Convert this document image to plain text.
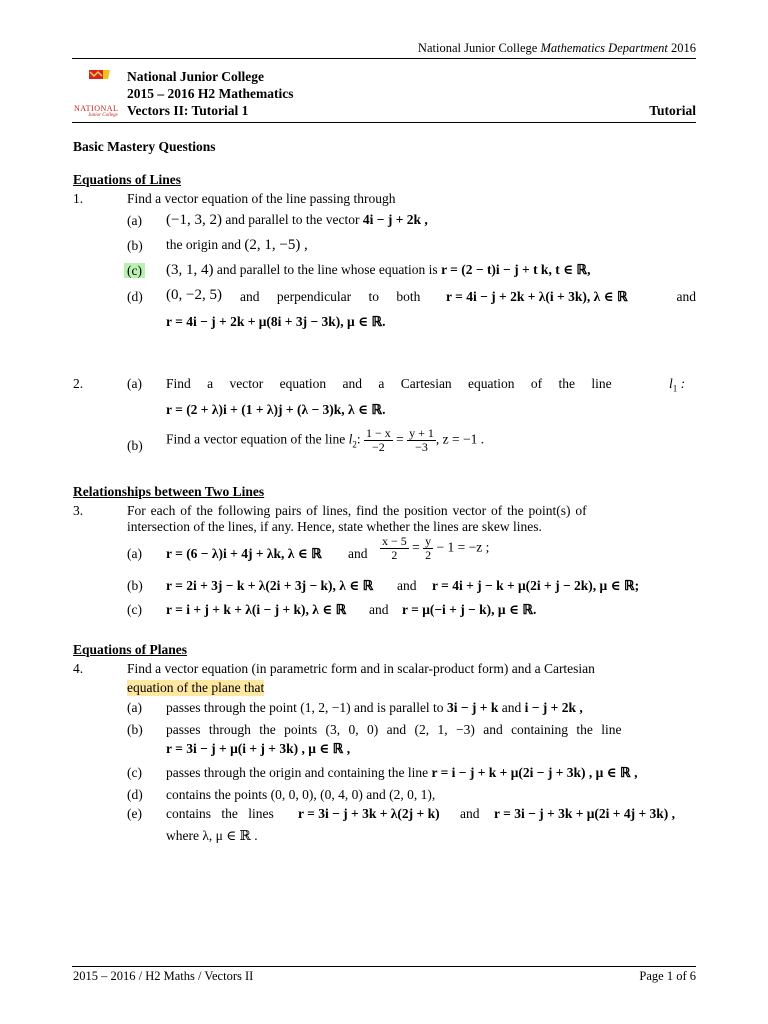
National Junior College Mathematics Department 2016
NATIONAL
Junior College
National Junior College
2015 – 2016 H2 Mathematics
Vectors II: Tutorial 1	Tutorial
Basic Mastery Questions
Equations of Lines
1.	Find a vector equation of the line passing through
(a) (−1, 3, 2) and parallel to the vector 4i − j + 2k ,
(b) the origin and (2, 1, −5) ,
(c) (3, 1, 4) and parallel to the line whose equation is r = (2 − t)i − j + t k, t ∈ ℝ,
(d) (0, −2, 5) and perpendicular to both r = 4i − j + 2k + λ(i + 3k), λ ∈ ℝ	and
r = 4i − j + 2k + μ(8i + 3j − 3k), μ ∈ ℝ.
2.	(a) Find a vector equation and a Cartesian equation of the line	$l_1$ :
r = (2 + λ)i + (1 + λ)j + (λ − 3)k, λ ∈ ℝ.
(b) Find a vector equation of the line $l_2$: $\frac{1 - x}{-2} = \frac{y + 1}{-3}$ , z = −1 .
Relationships between Two Lines
3.	For each of the following pairs of lines, find the position vector of the point(s) of
intersection of the lines, if any. Hence, state whether the lines are skew lines.
(a) r = (6 − λ)i + 4j + λk, λ ∈ ℝ and $\frac{x - 5}{2} = \frac{y}{2} - 1 = -z$ ;
(b) r = 2i + 3j − k + λ(2i + 3j − k), λ ∈ ℝ and r = 4i + j − k + μ(2i + j − 2k), μ ∈ ℝ;
(c) r = i + j + k + λ(i − j + k), λ ∈ ℝ and r = μ(−i + j − k), μ ∈ ℝ.
Equations of Planes
4.	Find a vector equation (in parametric form and in scalar-product form) and a Cartesian
equation of the plane that
(a) passes through the point (1, 2, −1) and is parallel to 3i − j + k and i − j + 2k ,
(b) passes through the points (3, 0, 0) and (2, 1, −3) and containing the line
r = 3i − j + μ(i + j + 3k) , μ ∈ ℝ ,
(c) passes through the origin and containing the line r = i − j + k + μ(2i − j + 3k) , μ ∈ ℝ ,
(d) contains the points (0, 0, 0), (0, 4, 0) and (2, 0, 1),
(e) contains the lines r = 3i − j + 3k + λ(2j + k) and r = 3i − j + 3k + μ(2i + 4j + 3k) ,
where λ, μ ∈ ℝ .
2015 – 2016 / H2 Maths / Vectors II	Page 1 of 6
